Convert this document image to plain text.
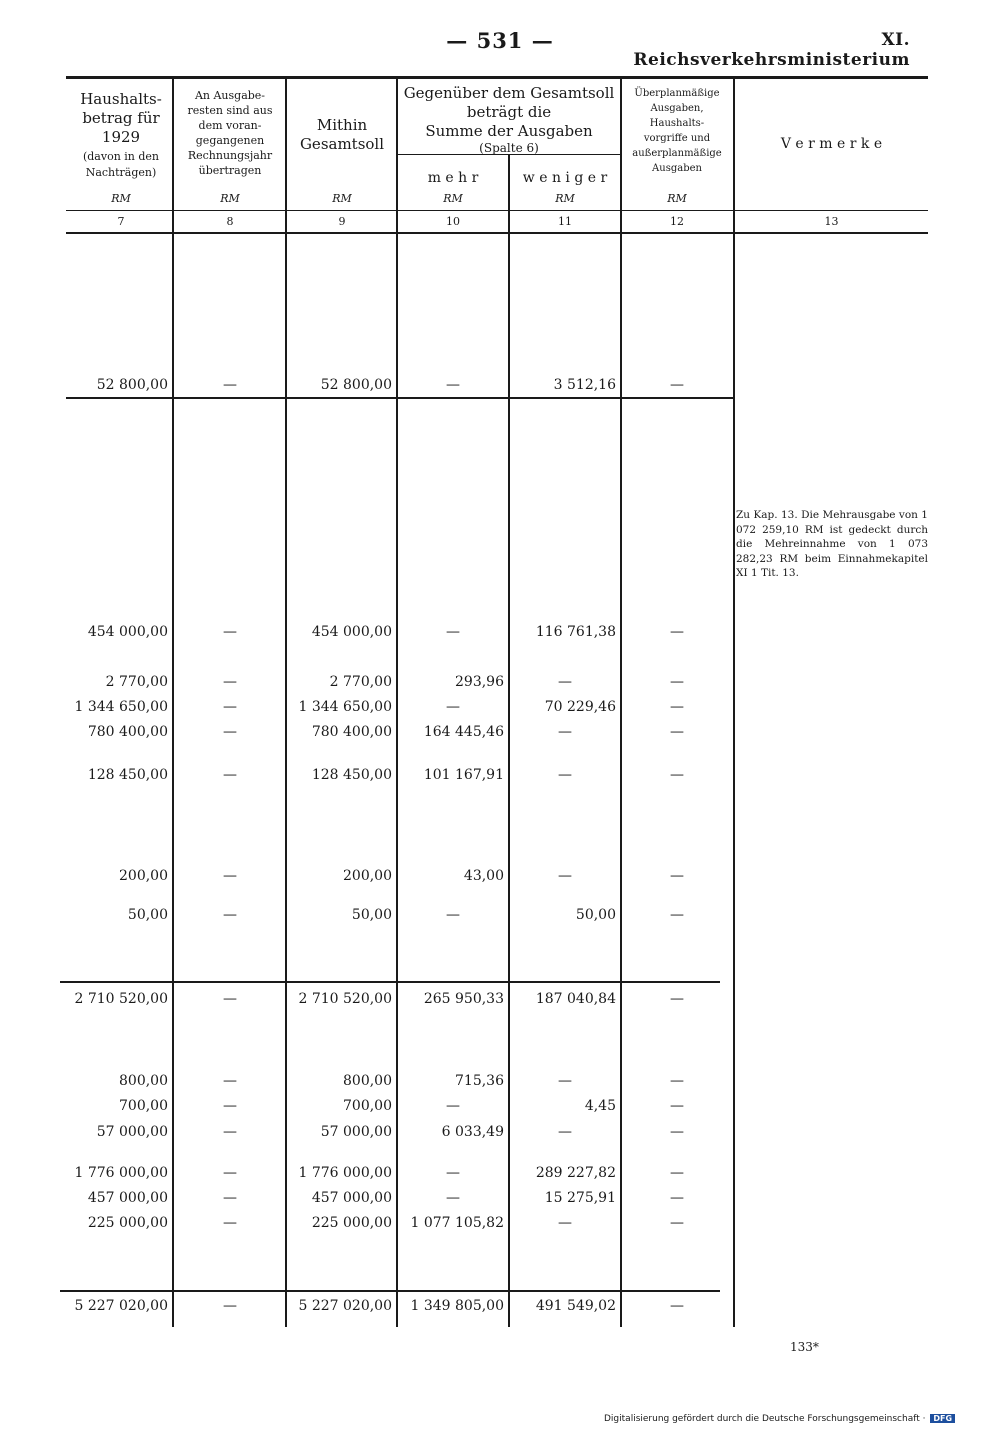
— 531 —	XI. Reichsverkehrsministerium
Haushalts-
betrag für
1929
(davon in den
Nachträgen)
An Ausgabe-
resten sind aus
dem voran-
gegangenen
Rechnungsjahr
übertragen
Mithin
Gesamtsoll
Gegenüber dem Gesamtsoll
beträgt die
Summe der Ausgaben
(Spalte 6)
m e h r	w e n i g e r
Überplanmäßige
Ausgaben,
Haushalts-
vorgriffe und
außerplanmäßige
Ausgaben
V e r m e r k e
RM	RM	RM	RM	RM	RM
7	8	9	10	11	12	13
52 800,00	—	52 800,00	—	3 512,16	—
454 000,00	—	454 000,00	—	116 761,38	—
2 770,00	—	2 770,00	293,96	—	—
1 344 650,00	—	1 344 650,00	—	70 229,46	—
780 400,00	—	780 400,00	164 445,46	—	—
128 450,00	—	128 450,00	101 167,91	—	—
200,00	—	200,00	43,00	—	—
50,00	—	50,00	—	50,00	—
2 710 520,00	—	2 710 520,00	265 950,33	187 040,84	—
800,00	—	800,00	715,36	—	—
700,00	—	700,00	—	4,45	—
57 000,00	—	57 000,00	6 033,49	—	—
1 776 000,00	—	1 776 000,00	—	289 227,82	—
457 000,00	—	457 000,00	—	15 275,91	—
225 000,00	—	225 000,00	1 077 105,82	—	—
5 227 020,00	—	5 227 020,00	1 349 805,00	491 549,02	—
Zu Kap. 13. Die Mehrausgabe von 1 072 259,10 RM ist gedeckt durch die Mehreinnahme von 1 073 282,23 RM beim Einnahmekapitel XI 1 Tit. 13.
133*
Digitalisierung gefördert durch die Deutsche Forschungsgemeinschaft · DFG
